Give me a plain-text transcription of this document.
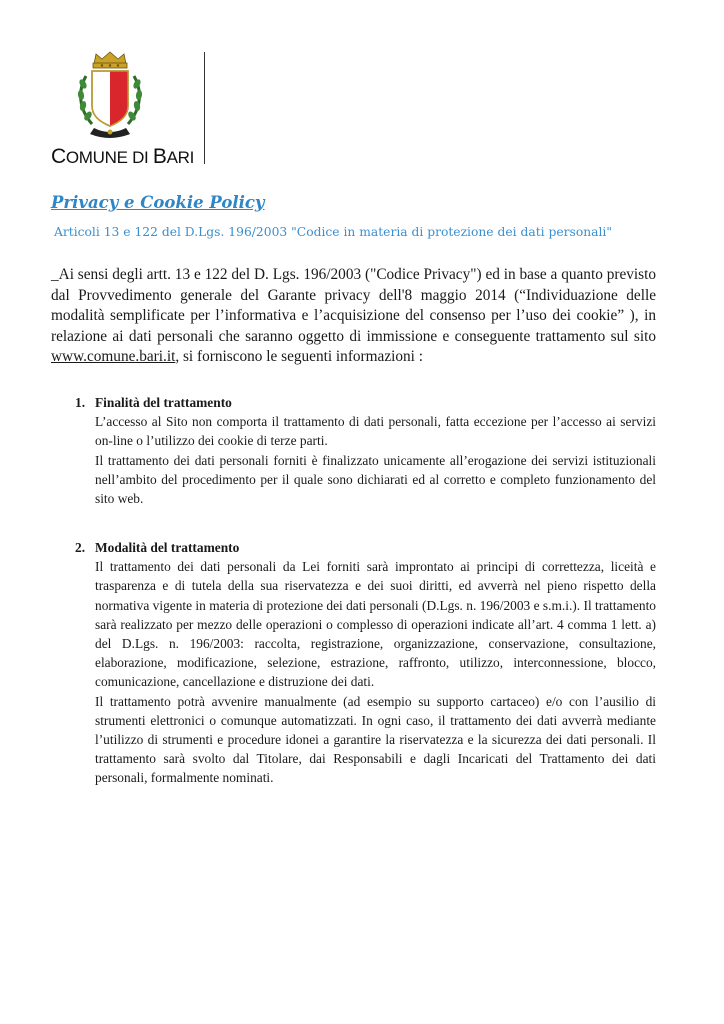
COMUNE DI BARI
Privacy e Cookie Policy
Articoli 13 e 122 del D.Lgs. 196/2003 "Codice in materia di protezione dei dati personali"
_Ai sensi degli artt. 13 e 122 del D. Lgs. 196/2003 ("Codice Privacy") ed in base a quanto previsto dal Provvedimento generale del Garante privacy dell'8 maggio 2014 (“Individuazione delle modalità semplificate per l’informativa e l’acquisizione del consenso per l’uso dei cookie” ), in relazione ai dati personali che saranno oggetto di immissione e conseguente trattamento sul sito www.comune.bari.it, si forniscono le seguenti informazioni :
1. Finalità del trattamento

L’accesso al Sito non comporta il trattamento di dati personali, fatta eccezione per l’accesso ai servizi on-line o l’utilizzo dei cookie di terze parti.

Il trattamento dei dati personali forniti è finalizzato unicamente all’erogazione dei servizi istituzionali nell’ambito del procedimento per il quale sono dichiarati ed al corretto e completo funzionamento del sito web.

2. Modalità del trattamento

Il trattamento dei dati personali da Lei forniti sarà improntato ai principi di correttezza, liceità e trasparenza e di tutela della sua riservatezza e dei suoi diritti, ed avverrà nel pieno rispetto della normativa vigente in materia di protezione dei dati personali (D.Lgs. n. 196/2003 e s.m.i.). Il trattamento sarà realizzato per mezzo delle operazioni o complesso di operazioni indicate all’art. 4 comma 1 lett. a) del D.Lgs. n. 196/2003: raccolta, registrazione, organizzazione, conservazione, consultazione, elaborazione, modificazione, selezione, estrazione, raffronto, utilizzo, interconnessione, blocco, comunicazione, cancellazione e distruzione dei dati.

Il trattamento potrà avvenire manualmente (ad esempio su supporto cartaceo) e/o con l’ausilio di strumenti elettronici o comunque automatizzati. In ogni caso, il trattamento dei dati avverrà mediante l’utilizzo di strumenti e procedure idonei a garantire la riservatezza e la sicurezza dei dati personali. Il trattamento sarà svolto dal Titolare, dai Responsabili e dagli Incaricati del Trattamento dei dati personali, formalmente nominati.
